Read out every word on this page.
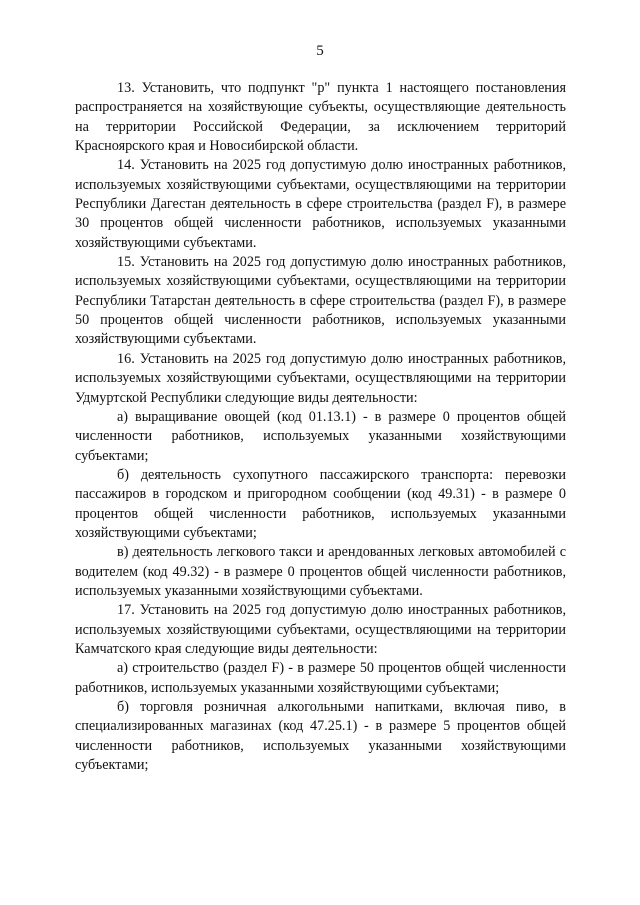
5

13. Установить, что подпункт "р" пункта 1 настоящего постановления распространяется на хозяйствующие субъекты, осуществляющие деятельность на территории Российской Федерации, за исключением территорий Красноярского края и Новосибирской области.

14. Установить на 2025 год допустимую долю иностранных работников, используемых хозяйствующими субъектами, осуществляющими на территории Республики Дагестан деятельность в сфере строительства (раздел F), в размере 30 процентов общей численности работников, используемых указанными хозяйствующими субъектами.

15. Установить на 2025 год допустимую долю иностранных работников, используемых хозяйствующими субъектами, осуществляющими на территории Республики Татарстан деятельность в сфере строительства (раздел F), в размере 50 процентов общей численности работников, используемых указанными хозяйствующими субъектами.

16. Установить на 2025 год допустимую долю иностранных работников, используемых хозяйствующими субъектами, осуществляющими на территории Удмуртской Республики следующие виды деятельности:

а) выращивание овощей (код 01.13.1) - в размере 0 процентов общей численности работников, используемых указанными хозяйствующими субъектами;

б) деятельность сухопутного пассажирского транспорта: перевозки пассажиров в городском и пригородном сообщении (код 49.31) - в размере 0 процентов общей численности работников, используемых указанными хозяйствующими субъектами;

в) деятельность легкового такси и арендованных легковых автомобилей с водителем (код 49.32) - в размере 0 процентов общей численности работников, используемых указанными хозяйствующими субъектами.

17. Установить на 2025 год допустимую долю иностранных работников, используемых хозяйствующими субъектами, осуществляющими на территории Камчатского края следующие виды деятельности:

а) строительство (раздел F) - в размере 50 процентов общей численности работников, используемых указанными хозяйствующими субъектами;

б) торговля розничная алкогольными напитками, включая пиво, в специализированных магазинах (код 47.25.1) - в размере 5 процентов общей численности работников, используемых указанными хозяйствующими субъектами;
